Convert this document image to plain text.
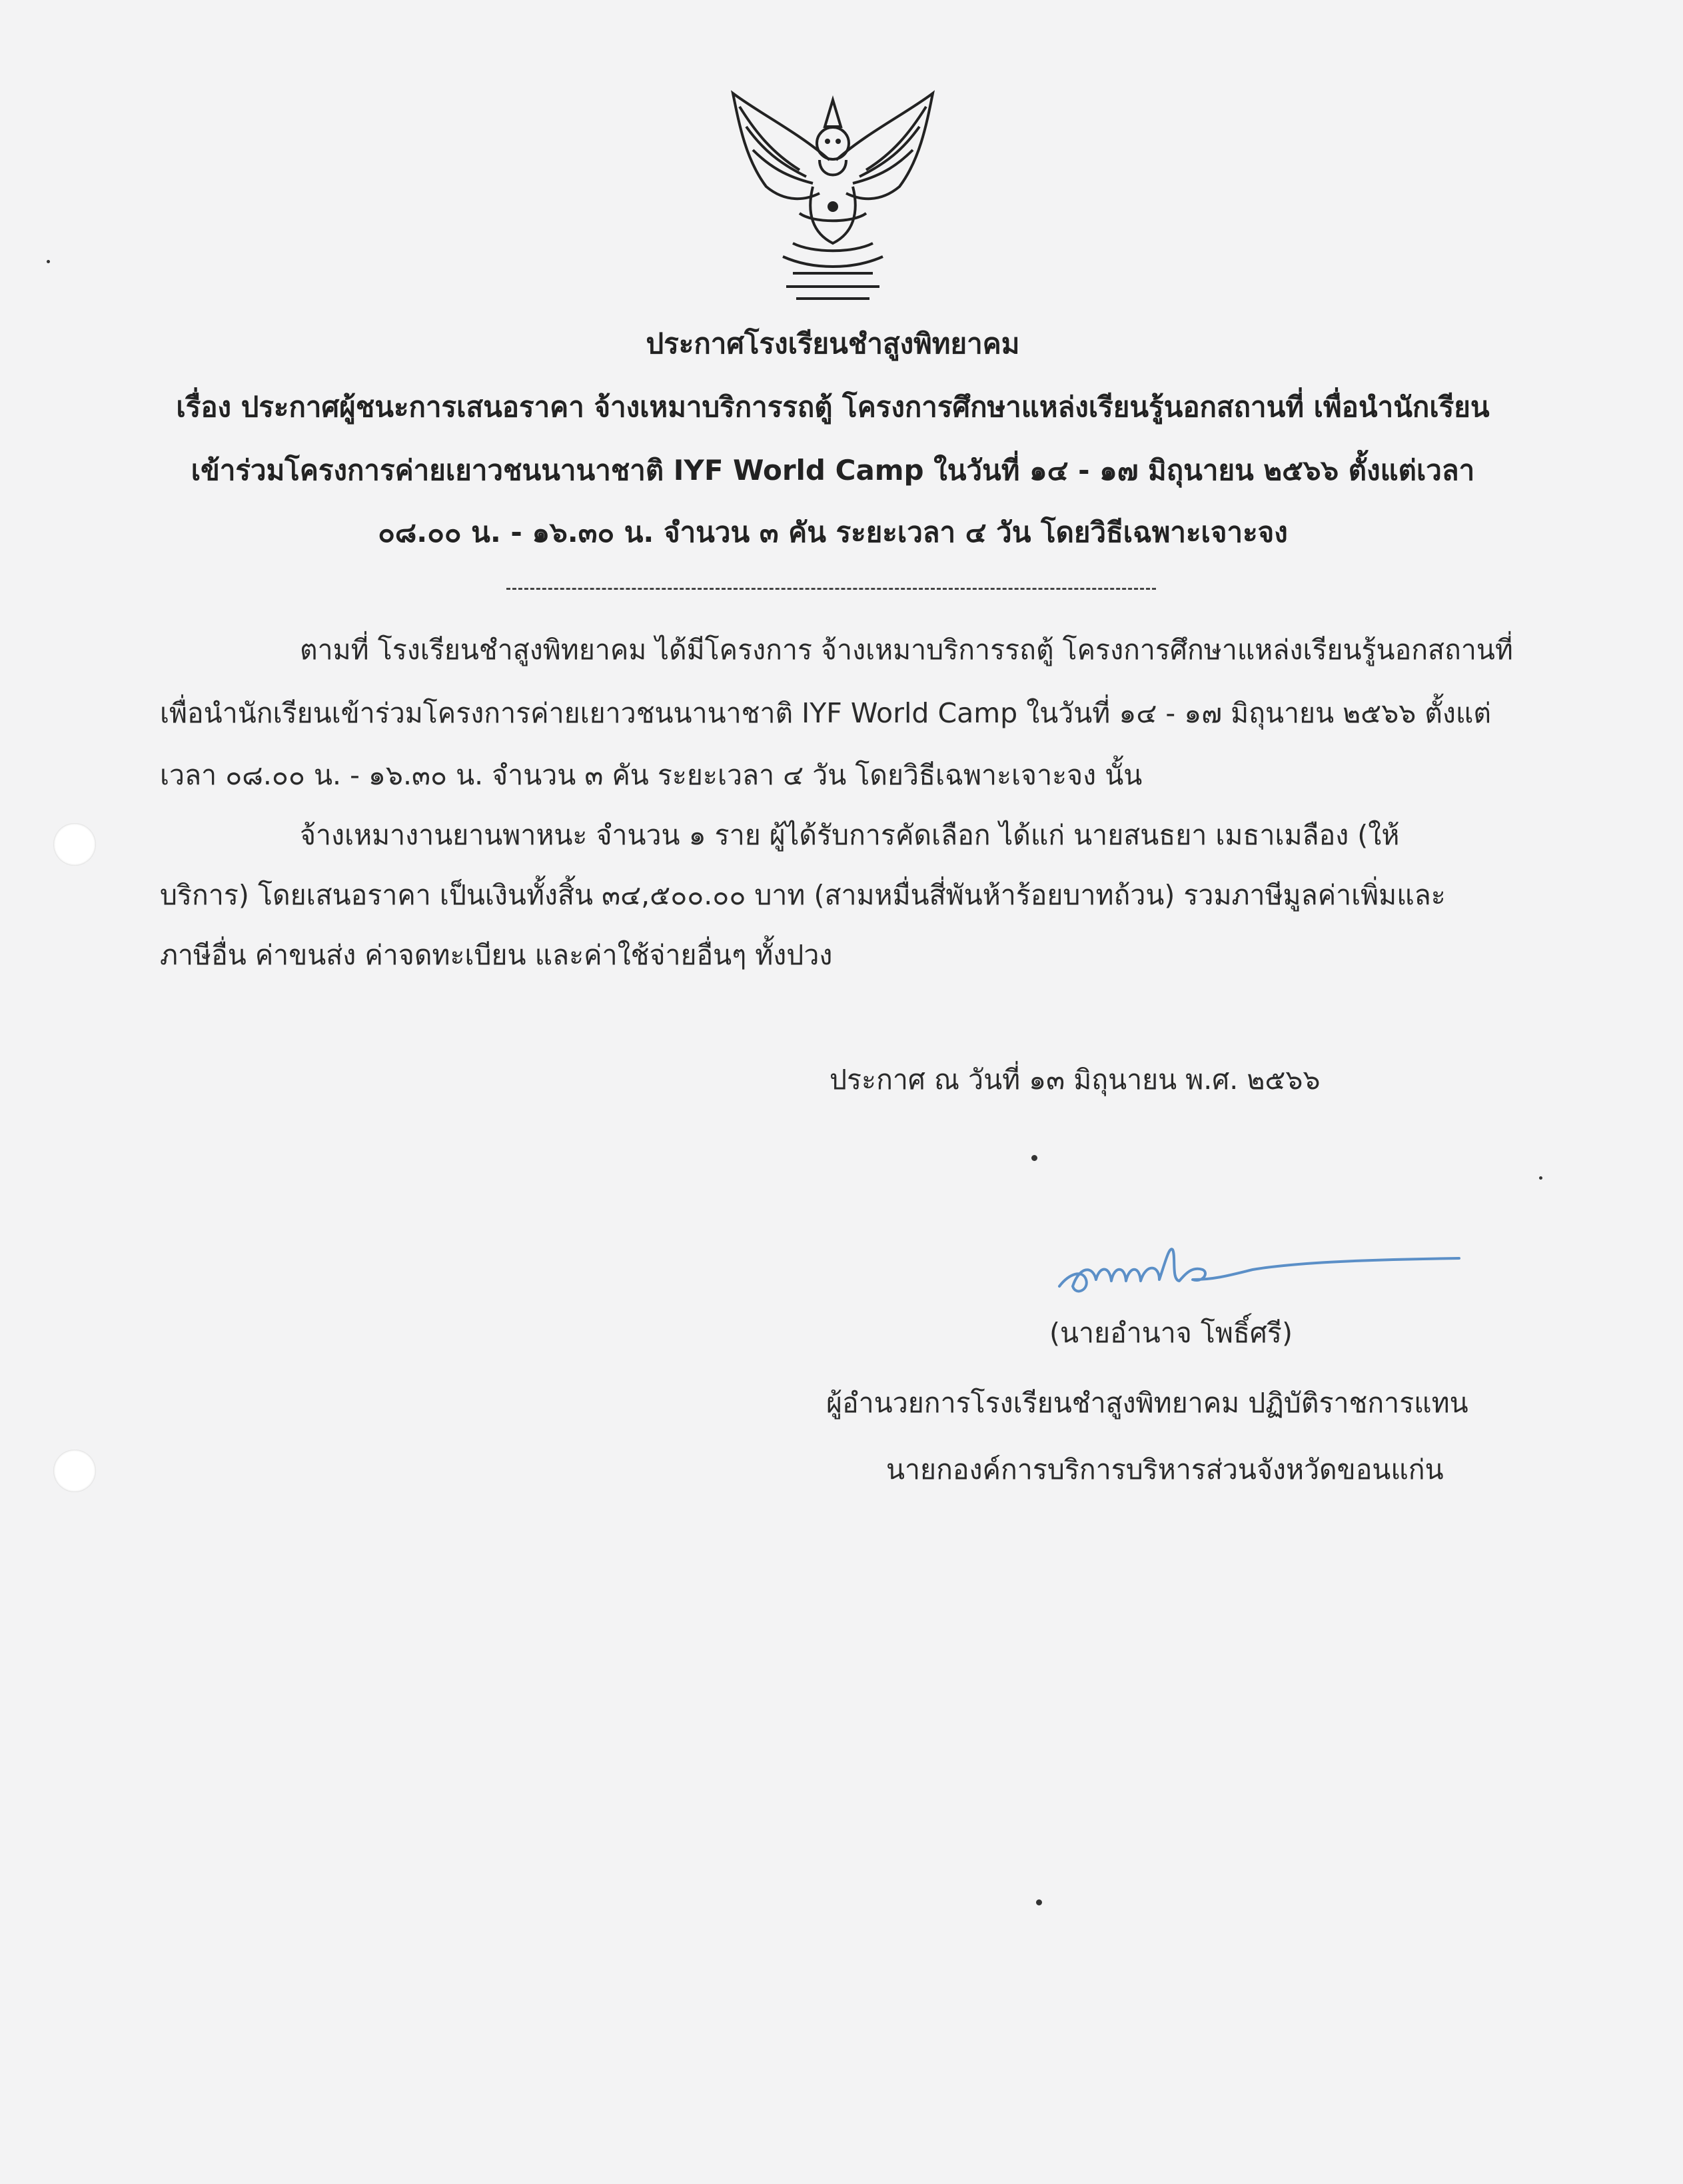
ประกาศโรงเรียนชำสูงพิทยาคม
เรื่อง ประกาศผู้ชนะการเสนอราคา จ้างเหมาบริการรถตู้ โครงการศึกษาแหล่งเรียนรู้นอกสถานที่ เพื่อนำนักเรียน
เข้าร่วมโครงการค่ายเยาวชนนานาชาติ IYF World Camp ในวันที่ ๑๔ - ๑๗ มิถุนายน ๒๕๖๖ ตั้งแต่เวลา
๐๘.๐๐ น. - ๑๖.๓๐ น. จำนวน ๓ คัน ระยะเวลา ๔ วัน โดยวิธีเฉพาะเจาะจง
ตามที่ โรงเรียนชำสูงพิทยาคม ได้มีโครงการ จ้างเหมาบริการรถตู้ โครงการศึกษาแหล่งเรียนรู้นอกสถานที่
เพื่อนำนักเรียนเข้าร่วมโครงการค่ายเยาวชนนานาชาติ IYF World Camp ในวันที่ ๑๔ - ๑๗ มิถุนายน ๒๕๖๖ ตั้งแต่
เวลา ๐๘.๐๐ น. - ๑๖.๓๐ น. จำนวน ๓ คัน ระยะเวลา ๔ วัน โดยวิธีเฉพาะเจาะจง นั้น
จ้างเหมางานยานพาหนะ จำนวน ๑ ราย ผู้ได้รับการคัดเลือก ได้แก่ นายสนธยา เมธาเมลือง (ให้
บริการ) โดยเสนอราคา เป็นเงินทั้งสิ้น ๓๔,๕๐๐.๐๐ บาท (สามหมื่นสี่พันห้าร้อยบาทถ้วน) รวมภาษีมูลค่าเพิ่มและ
ภาษีอื่น ค่าขนส่ง ค่าจดทะเบียน และค่าใช้จ่ายอื่นๆ ทั้งปวง
ประกาศ ณ วันที่ ๑๓ มิถุนายน พ.ศ. ๒๕๖๖
(นายอำนาจ โพธิ์ศรี)
ผู้อำนวยการโรงเรียนชำสูงพิทยาคม ปฏิบัติราชการแทน
นายกองค์การบริการบริหารส่วนจังหวัดขอนแก่น
